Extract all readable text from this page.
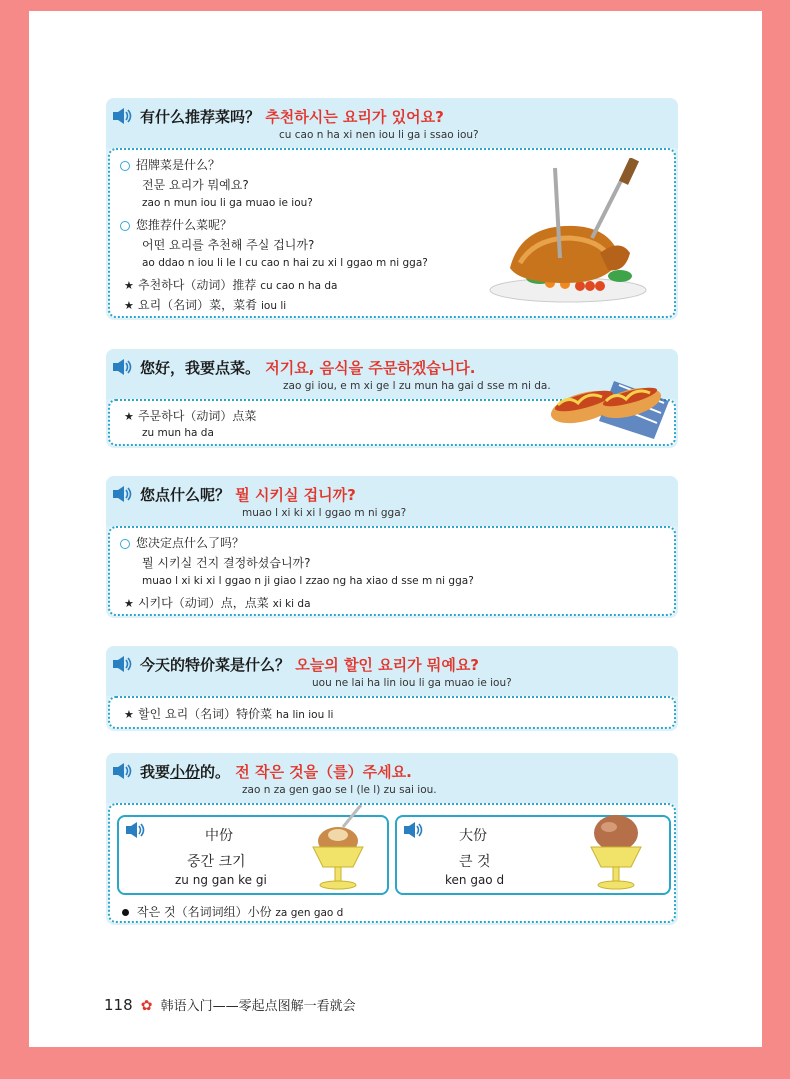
有什么推荐菜吗？ 추천하시는 요리가 있어요?
cu cao n ha xi nen iou li ga i ssao iou?
招牌菜是什么？
전문 요리가 뭐예요?
zao n mun iou li ga muao ie iou?
您推荐什么菜呢？
어떤 요리를 추천해 주실 겁니까?
ao ddao n iou li le l cu cao n hai zu xi l ggao m ni gga?
★ 추천하다（动词）推荐 cu cao n ha da
★ 요리（名词）菜，菜肴 iou li
您好，我要点菜。 저기요, 음식을 주문하겠습니다.
zao gi iou, e m xi ge l zu mun ha gai d sse m ni da.
★ 주문하다（动词）点菜
zu mun ha da
您点什么呢？ 뭘 시키실 겁니까?
muao l xi ki xi l ggao m ni gga?
您决定点什么了吗？
뭘 시키실 건지 결정하셨습니까?
muao l xi ki xi l ggao n ji giao l zzao ng ha xiao d sse m ni gga?
★ 시키다（动词）点，点菜 xi ki da
今天的特价菜是什么？ 오늘의 할인 요리가 뭐예요?
uou ne lai ha lin iou li ga muao ie iou?
★ 할인 요리（名词）特价菜 ha lin iou li
我要小份的。 전 작은 것을（를）주세요.
zao n za gen gao se l (le l) zu sai iou.
中份
중간 크기
zu ng gan ke gi
大份
큰 것
ken gao d
작은 것（名词词组）小份 za gen gao d
118 ✿ 韩语入门——零起点图解一看就会
